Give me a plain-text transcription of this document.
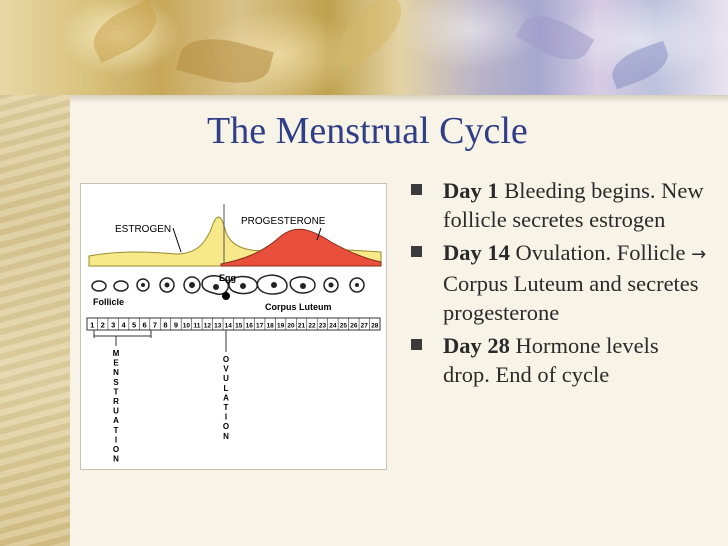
The Menstrual Cycle
ESTROGEN
PROGESTERONE
Follicle
Egg
Corpus Luteum
1 2 3 4 5 6 7 8 9 10 11 12 13 14 15 16 17 18 19 20 21 22 23 24 25 26 27 28
M
E
N
S
T
R
U
A
T
I
O
N
O
V
U
L
A
T
I
O
N
Day 1 Bleeding begins. New follicle secretes estrogen
Day 14 Ovulation. Follicle → Corpus Luteum and secretes progesterone
Day 28 Hormone levels drop. End of cycle
